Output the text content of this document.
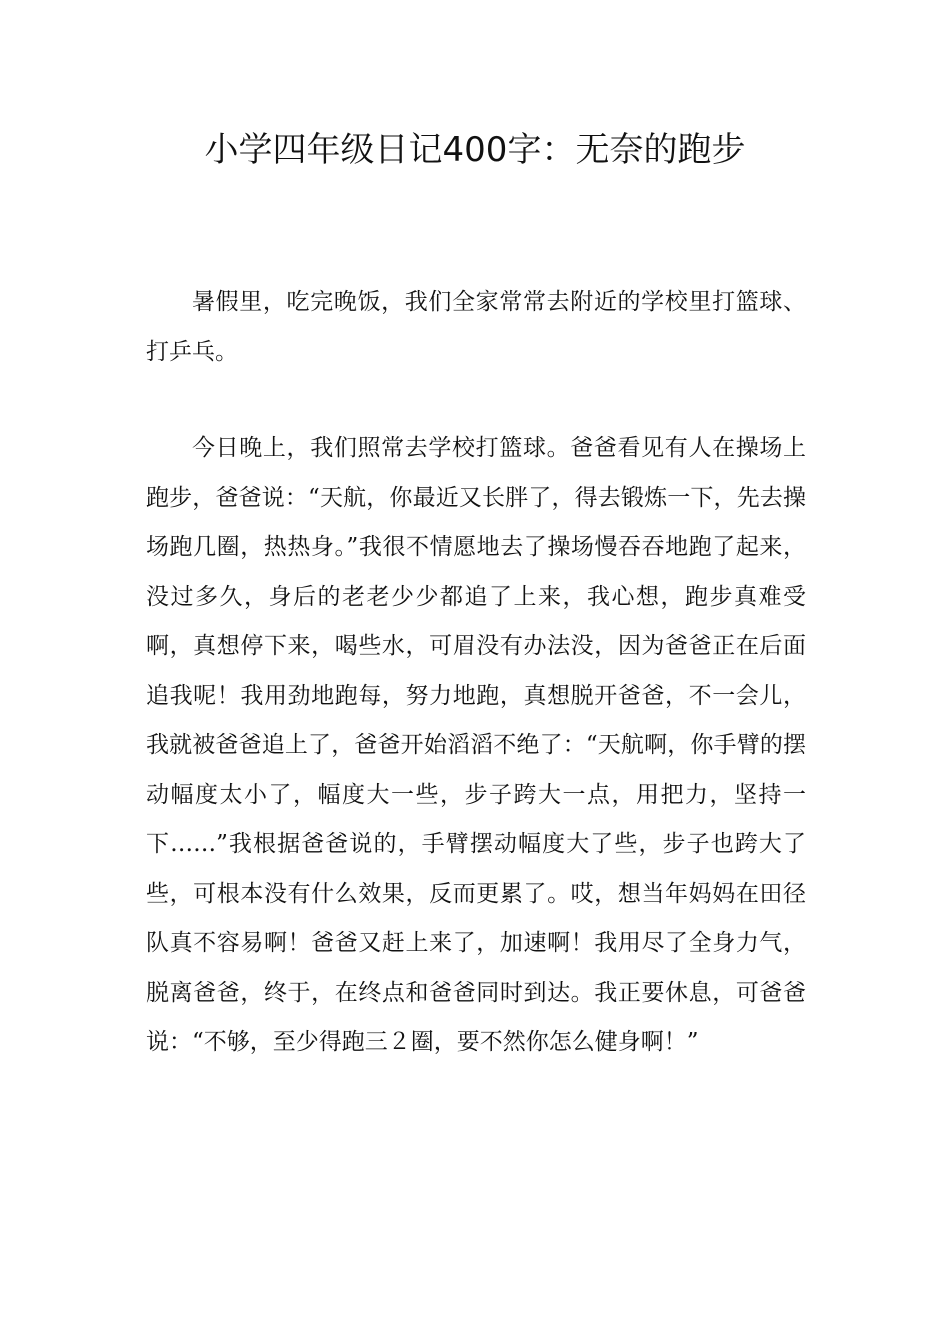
小学四年级日记400字：无奈的跑步

暑假里，吃完晚饭，我们全家常常去附近的学校里打篮球、打乒乓。

今日晚上，我们照常去学校打篮球。爸爸看见有人在操场上跑步，爸爸说：“天航，你最近又长胖了，得去锻炼一下，先去操场跑几圈，热热身。”我很不情愿地去了操场慢吞吞地跑了起来，没过多久，身后的老老少少都追了上来，我心想，跑步真难受啊，真想停下来，喝些水，可眉没有办法没，因为爸爸正在后面追我呢！我用劲地跑每，努力地跑，真想脱开爸爸，不一会儿，我就被爸爸追上了，爸爸开始滔滔不绝了：“天航啊，你手臂的摆动幅度太小了，幅度大一些，步子跨大一点，用把力，坚持一下……”我根据爸爸说的，手臂摆动幅度大了些，步子也跨大了些，可根本没有什么效果，反而更累了。哎，想当年妈妈在田径队真不容易啊！爸爸又赶上来了，加速啊！我用尽了全身力气，脱离爸爸，终于，在终点和爸爸同时到达。我正要休息，可爸爸说：“不够，至少得跑三２圈，要不然你怎么健身啊！”
